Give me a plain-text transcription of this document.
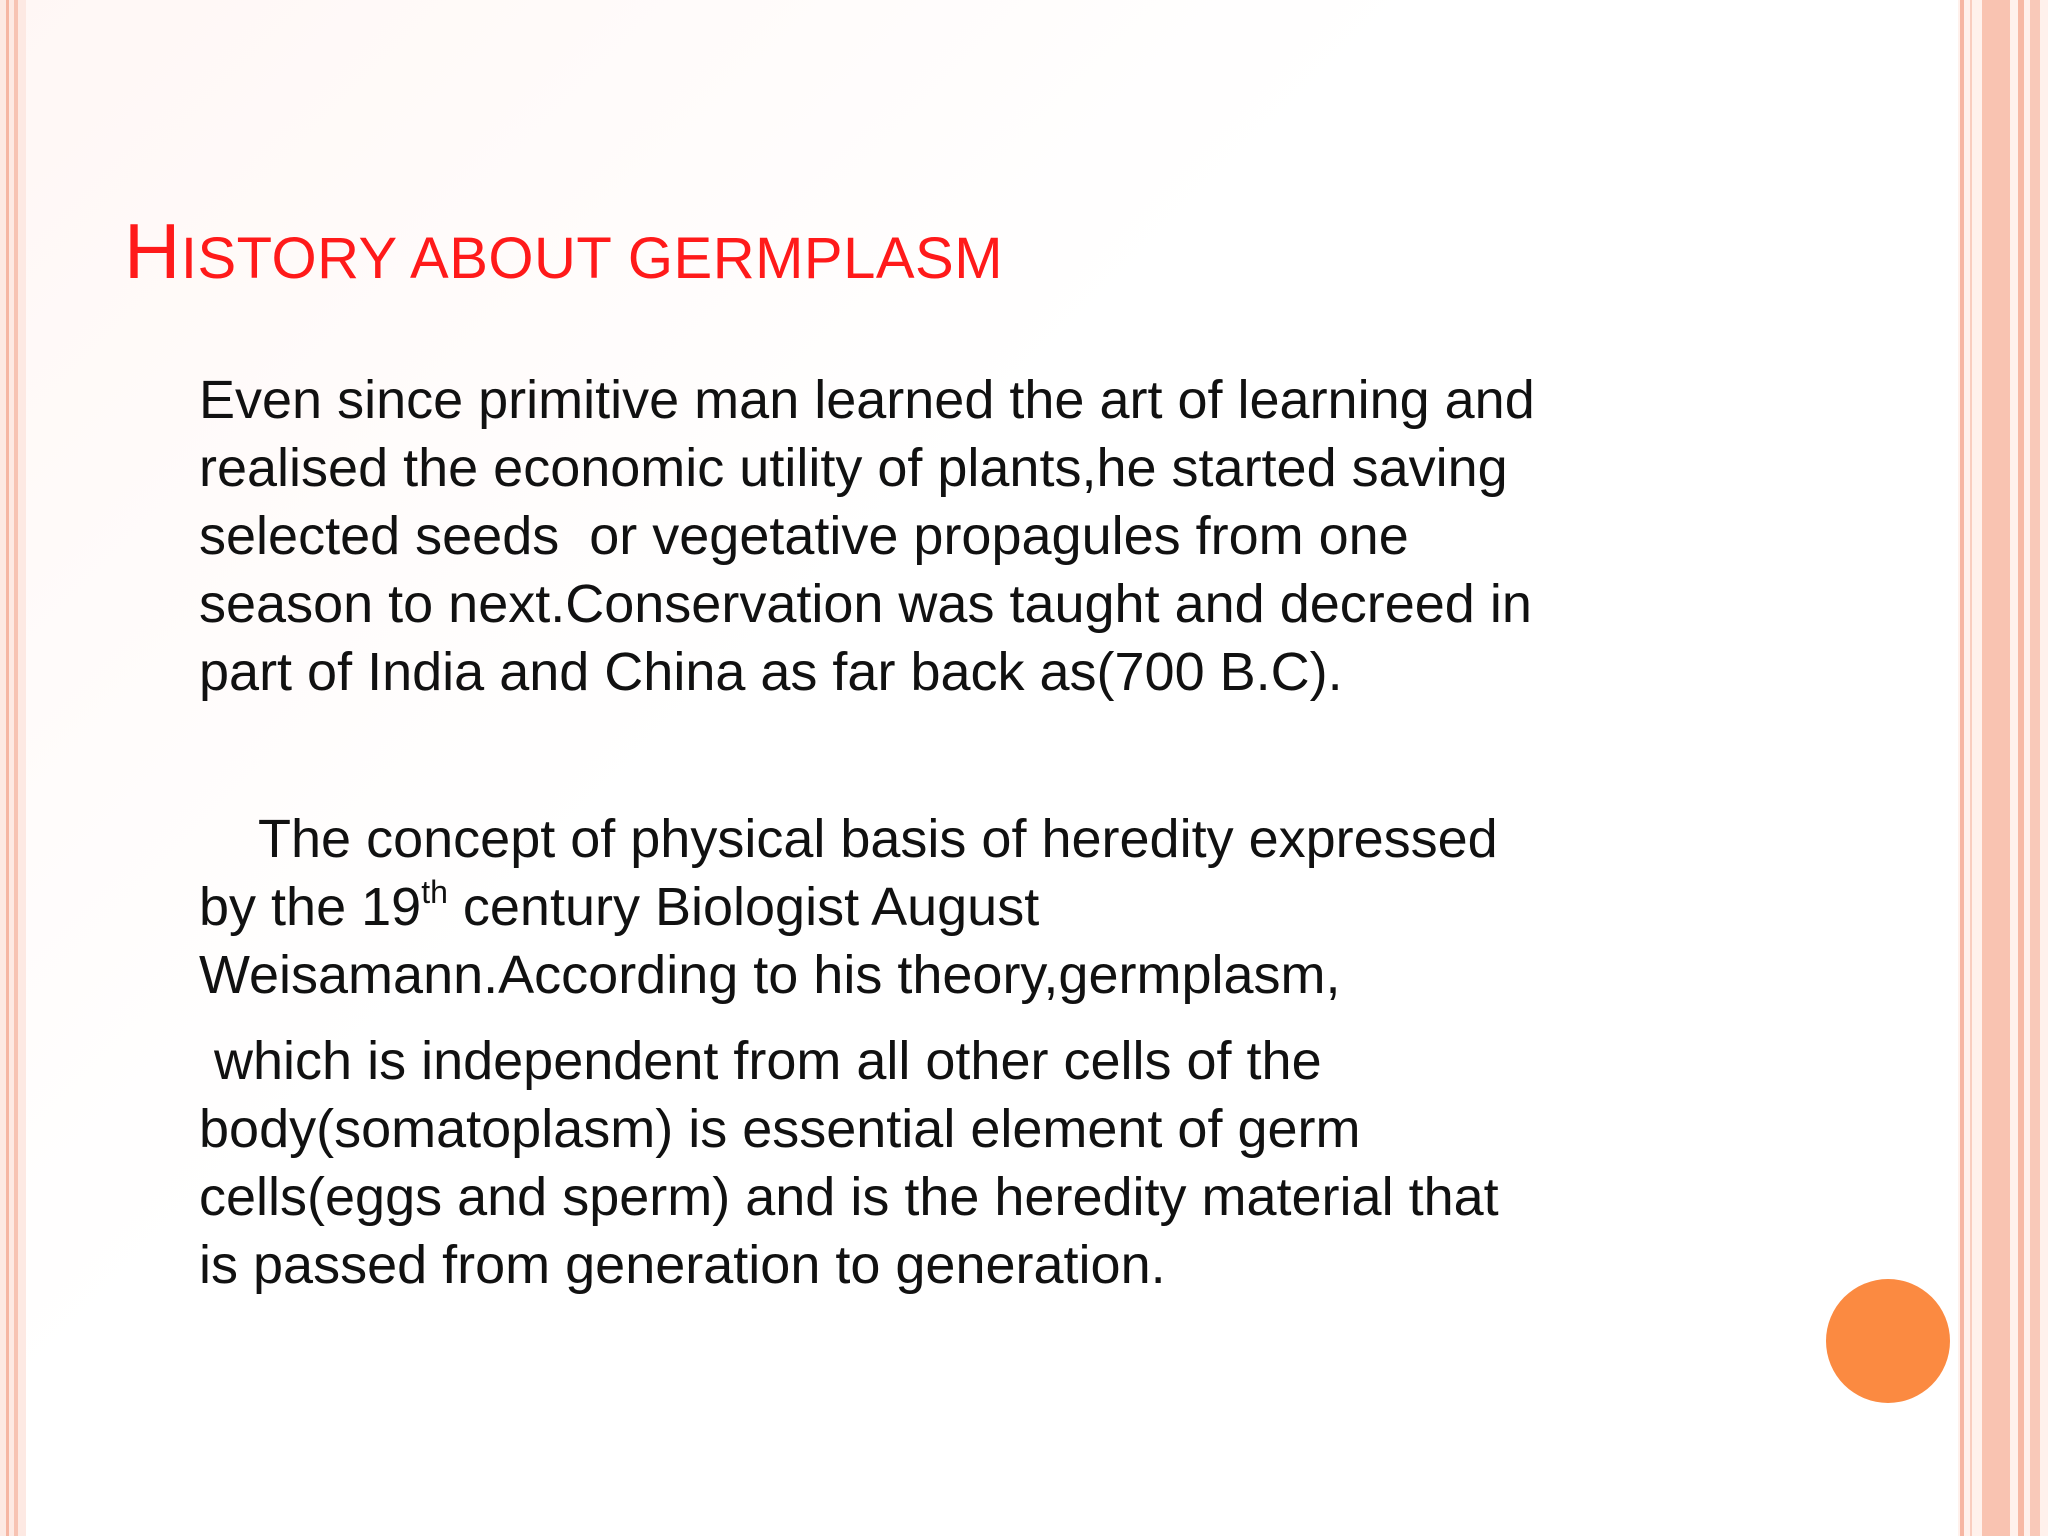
HISTORY ABOUT GERMPLASM

Even since primitive man learned the art of learning and
realised the economic utility of plants,he started saving
selected seeds  or vegetative propagules from one
season to next.Conservation was taught and decreed in
part of India and China as far back as(700 B.C).

The concept of physical basis of heredity expressed
by the 19th century Biologist August
Weisamann.According to his theory,germplasm,

which is independent from all other cells of the
body(somatoplasm) is essential element of germ
cells(eggs and sperm) and is the heredity material that
is passed from generation to generation.
